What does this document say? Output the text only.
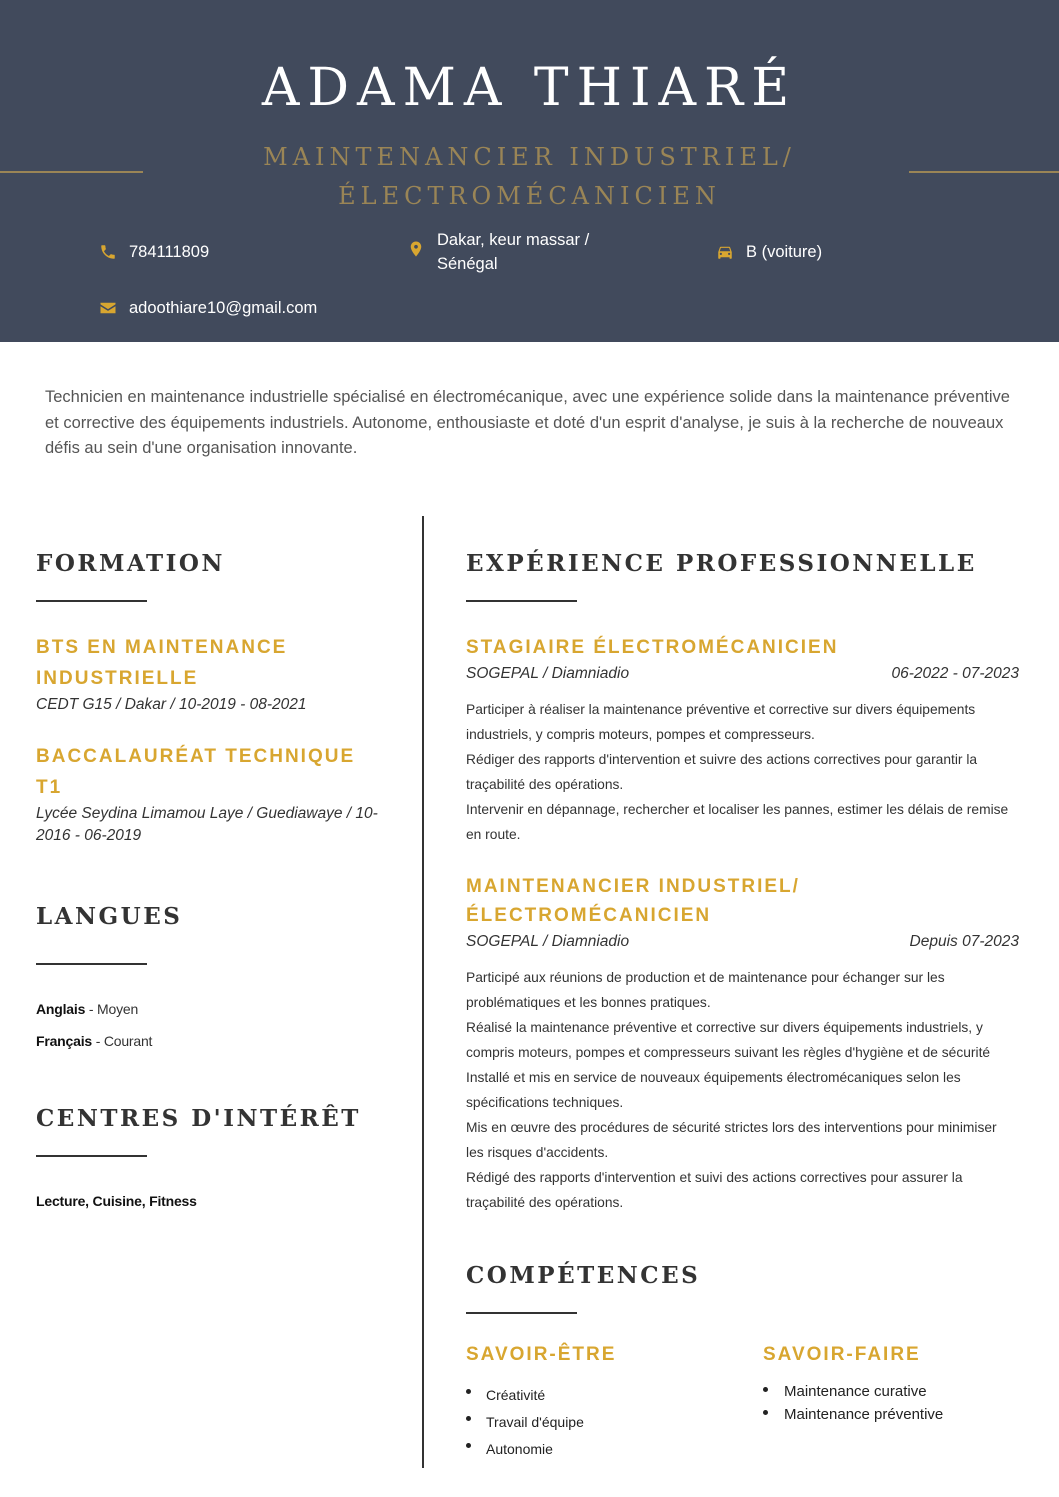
ADAMA THIARÉ
MAINTENANCIER INDUSTRIEL/
ÉLECTROMÉCANICIEN
784111809
Dakar, keur massar /
Sénégal
B (voiture)
adoothiare10@gmail.com
Technicien en maintenance industrielle spécialisé en électromécanique, avec une expérience solide dans la maintenance préventive et corrective des équipements industriels. Autonome, enthousiaste et doté d'un esprit d'analyse, je suis à la recherche de nouveaux défis au sein d'une organisation innovante.
FORMATION
BTS EN MAINTENANCE
INDUSTRIELLE
CEDT G15 / Dakar / 10-2019 - 08-2021
BACCALAURÉAT TECHNIQUE
T1
Lycée Seydina Limamou Laye / Guediawaye / 10-
2016 - 06-2019
LANGUES
Anglais - Moyen
Français - Courant
CENTRES D'INTÉRÊT
Lecture, Cuisine, Fitness
EXPÉRIENCE PROFESSIONNELLE
STAGIAIRE ÉLECTROMÉCANICIEN
SOGEPAL / Diamniadio	06-2022 - 07-2023

Participer à réaliser la maintenance préventive et corrective sur divers équipements

industriels, y compris moteurs, pompes et compresseurs.

Rédiger des rapports d'intervention et suivre des actions correctives pour garantir la

traçabilité des opérations.

Intervenir en dépannage, rechercher et localiser les pannes, estimer les délais de remise

en route.

MAINTENANCIER INDUSTRIEL/
ÉLECTROMÉCANICIEN
SOGEPAL / Diamniadio	Depuis 07-2023

Participé aux réunions de production et de maintenance pour échanger sur les

problématiques et les bonnes pratiques.

Réalisé la maintenance préventive et corrective sur divers équipements industriels, y

compris moteurs, pompes et compresseurs suivant les règles d'hygiène et de sécurité

Installé et mis en service de nouveaux équipements électromécaniques selon les

spécifications techniques.

Mis en œuvre des procédures de sécurité strictes lors des interventions pour minimiser

les risques d'accidents.

Rédigé des rapports d'intervention et suivi des actions correctives pour assurer la

traçabilité des opérations.

COMPÉTENCES
SAVOIR-ÊTRE
Créativité
Travail d'équipe
Autonomie
SAVOIR-FAIRE
Maintenance curative
Maintenance préventive
